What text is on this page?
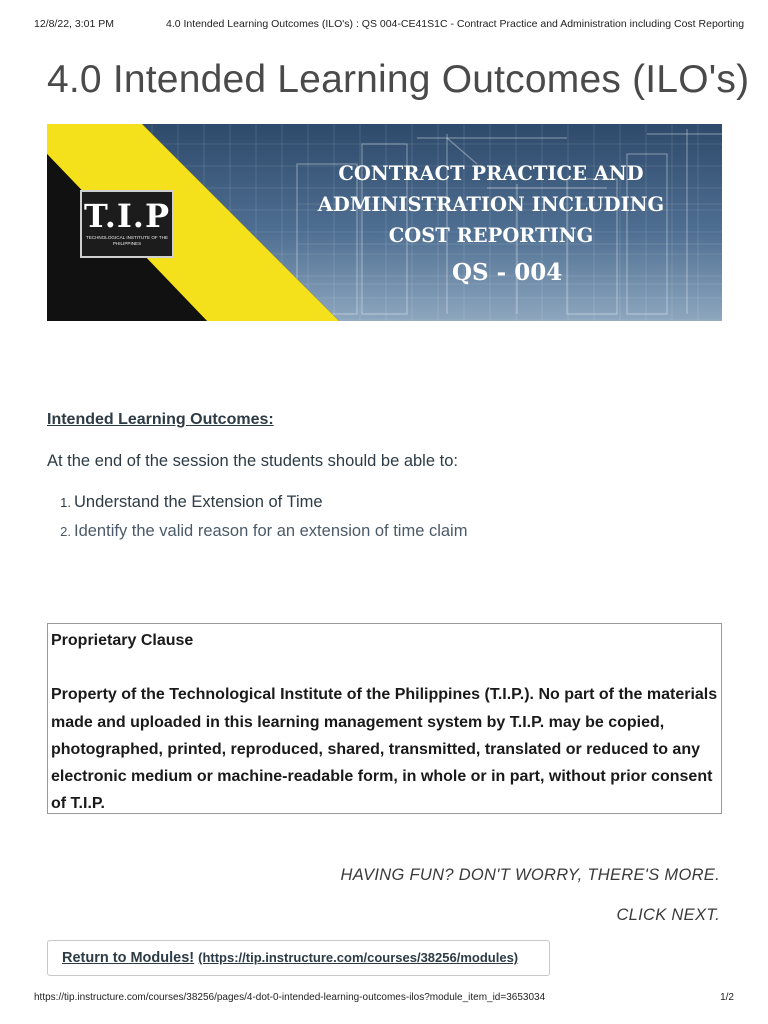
12/8/22, 3:01 PM	4.0 Intended Learning Outcomes (ILO's) : QS 004-CE41S1C - Contract Practice and Administration including Cost Reporting
4.0 Intended Learning Outcomes (ILO's)
T.I.P
TECHNOLOGICAL INSTITUTE OF THE PHILIPPINES
CONTRACT PRACTICE AND ADMINISTRATION INCLUDING COST REPORTING
QS - 004

Intended Learning Outcomes:

At the end of the session the students should be able to:

1. Understand the Extension of Time
2. Identify the valid reason for an extension of time claim

Proprietary Clause

Property of the Technological Institute of the Philippines (T.I.P.). No part of the materials made and uploaded in this learning management system by T.I.P. may be copied, photographed, printed, reproduced, shared, transmitted, translated or reduced to any electronic medium or machine-readable form, in whole or in part, without prior consent of T.I.P.

HAVING FUN? DON'T WORRY, THERE'S MORE.

CLICK NEXT.

Return to Modules! (https://tip.instructure.com/courses/38256/modules)
https://tip.instructure.com/courses/38256/pages/4-dot-0-intended-learning-outcomes-ilos?module_item_id=3653034	1/2
